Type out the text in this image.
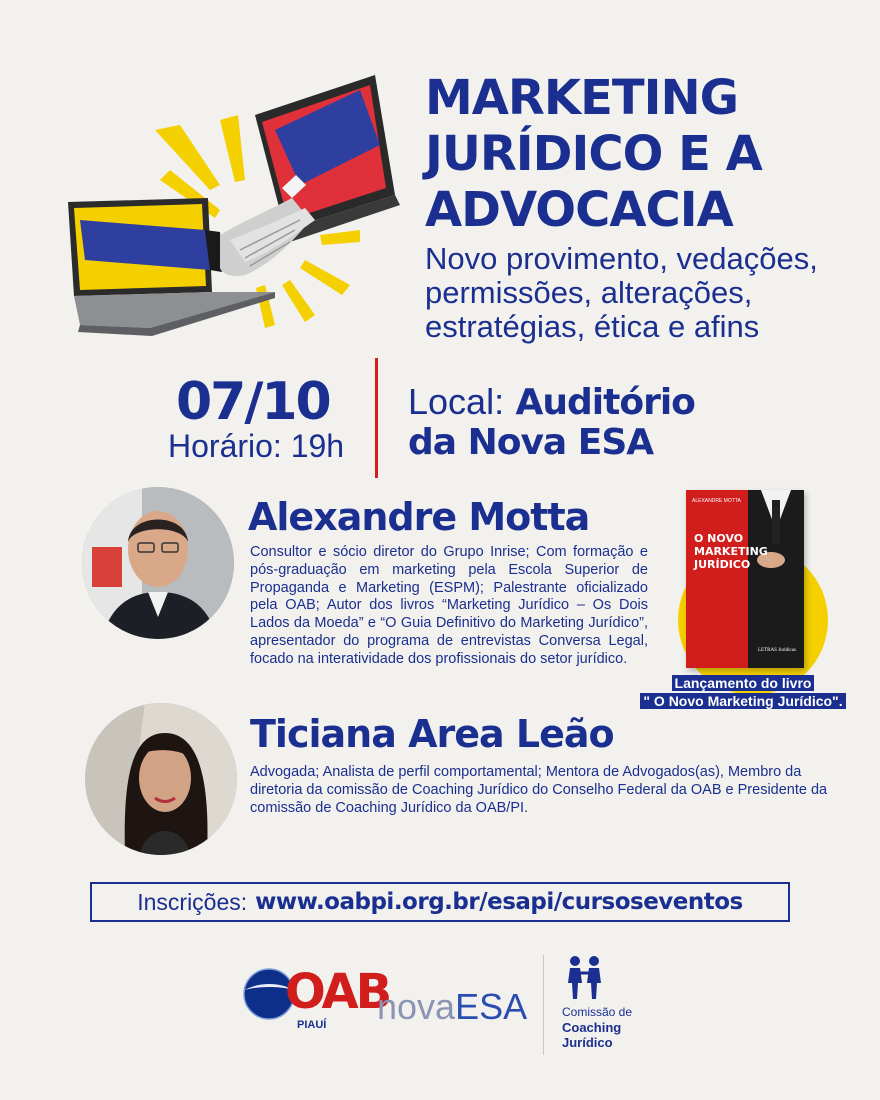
MARKETING
JURÍDICO E A
ADVOCACIA
Novo provimento, vedações,
permissões, alterações,
estratégias, ética e afins
07/10
Horário: 19h
Local: Auditório
da Nova ESA
Alexandre Motta
Consultor e sócio diretor do Grupo Inrise; Com formação e pós-graduação em marketing pela Escola Superior de Propaganda e Marketing (ESPM); Palestrante oficializado pela OAB; Autor dos livros “Marketing Jurídico – Os Dois Lados da Moeda” e “O Guia Definitivo do Marketing Jurídico”, apresentador do programa de entrevistas Conversa Legal, focado na interatividade dos profissionais do setor jurídico.
ALEXANDRE MOTTA
O NOVO
MARKETING
JURÍDICO
LETRAS Jurídicas
Lançamento do livro
" O Novo Marketing Jurídico".
Ticiana Area Leão
Advogada; Analista de perfil comportamental; Mentora de Advogados(as), Membro da diretoria da comissão de Coaching Jurídico do Conselho Federal da OAB e Presidente da comissão de Coaching Jurídico da OAB/PI.
Inscrições: www.oabpi.org.br/esapi/cursoseventos
OAB
PIAUÍ novaESA	Comissão de
Coaching
Jurídico
